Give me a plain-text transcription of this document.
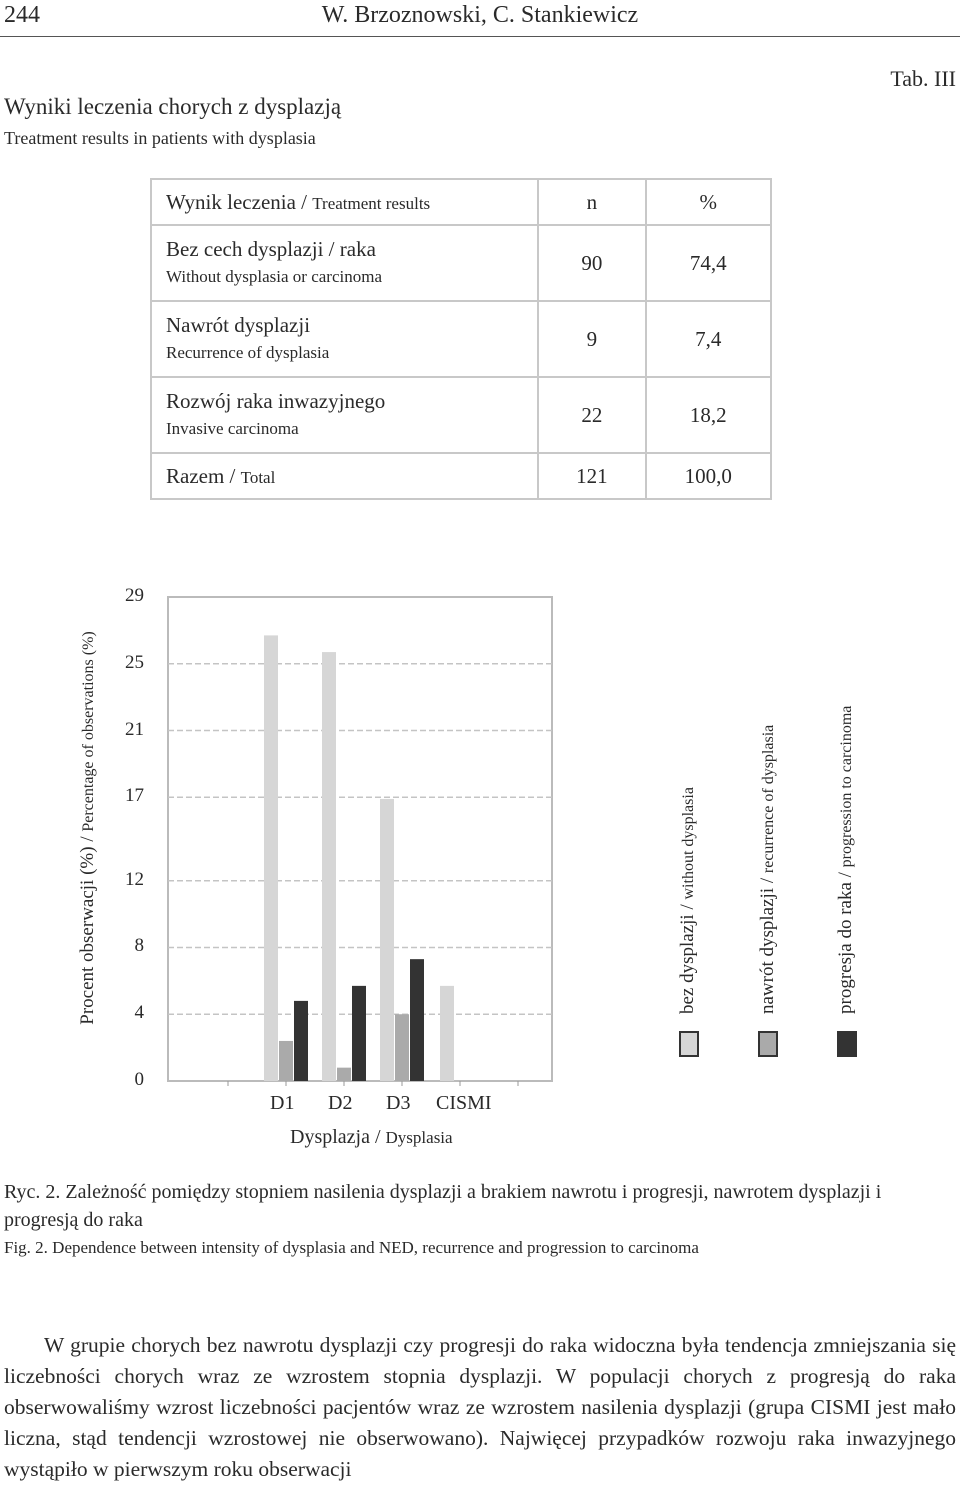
244	W. Brzoznowski, C. Stankiewicz
Tab. III
Wyniki leczenia chorych z dysplazją
Treatment results in patients with dysplasia
Wynik leczenia / Treatment results	n	%

Bez cech dysplazji / raka
Without dysplasia or carcinoma	90	74,4

Nawrót dysplazji
Recurrence of dysplasia	9	7,4

Rozwój raka inwazyjnego
Invasive carcinoma	22	18,2
Razem / Total	121	100,0
Procent obserwacji (%) / Percentage of observations (%)
0
4
8
12
17
21
25
29
D1 D2 D3 CISMI
Dysplazja / Dysplasia
bez dysplazji / without dysplasia
nawrót dysplazji / recurrence of dysplasia
progresja do raka / progression to carcinoma
Ryc. 2. Zależność pomiędzy stopniem nasilenia dysplazji a brakiem nawrotu i progresji, nawrotem dysplazji i progresją do raka
Fig. 2. Dependence between intensity of dysplasia and NED, recurrence and progression to carcinoma
W grupie chorych bez nawrotu dysplazji czy progresji do raka widoczna była tendencja zmniejszania się liczebności chorych wraz ze wzrostem stopnia dysplazji. W populacji chorych z progresją do raka obserwowaliśmy wzrost liczebności pacjentów wraz ze wzrostem nasilenia dysplazji (grupa CISMI jest mało liczna, stąd tendencji wzrostowej nie obserwowano). Najwięcej przypadków rozwoju raka inwazyjnego wystąpiło w pierwszym roku obserwacji
